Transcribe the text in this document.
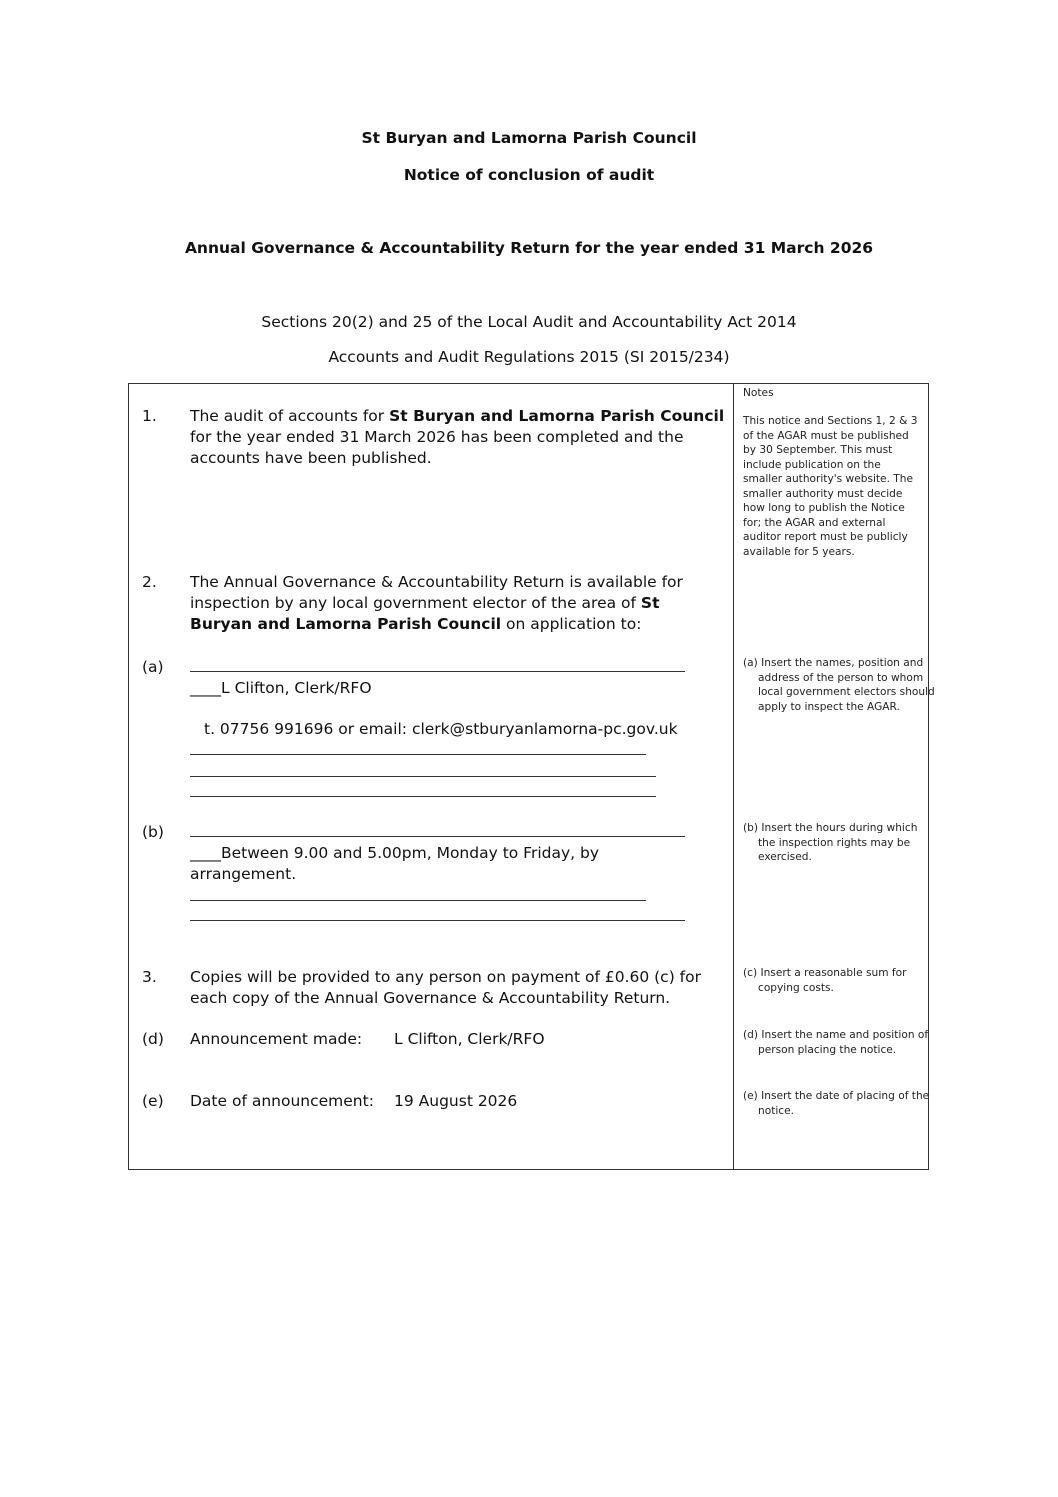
St Buryan and Lamorna Parish Council
Notice of conclusion of audit
Annual Governance & Accountability Return for the year ended 31 March 2026
Sections 20(2) and 25 of the Local Audit and Accountability Act 2014
Accounts and Audit Regulations 2015 (SI 2015/234)
1. The audit of accounts for St Buryan and Lamorna Parish Council
for the year ended 31 March 2026 has been completed and the
accounts have been published.
2. The Annual Governance & Accountability Return is available for
inspection by any local government elector of the area of St
Buryan and Lamorna Parish Council on application to:
(a)
____L Clifton, Clerk/RFO
t. 07756 991696 or email: clerk@stburyanlamorna-pc.gov.uk
(b)
____Between 9.00 and 5.00pm, Monday to Friday, by
arrangement.
3. Copies will be provided to any person on payment of £0.60 (c) for
each copy of the Annual Governance & Accountability Return.
(d) Announcement made: L Clifton, Clerk/RFO
(e) Date of announcement: 19 August 2026
Notes
This notice and Sections 1, 2 & 3 of the AGAR must be published by 30 September. This must include publication on the smaller authority's website. The smaller authority must decide how long to publish the Notice for; the AGAR and external auditor report must be publicly available for 5 years.
(a) Insert the names, position and address of the person to whom local government electors should apply to inspect the AGAR.
(b) Insert the hours during which the inspection rights may be exercised.
(c) Insert a reasonable sum for copying costs.
(d) Insert the name and position of person placing the notice.
(e) Insert the date of placing of the notice.
